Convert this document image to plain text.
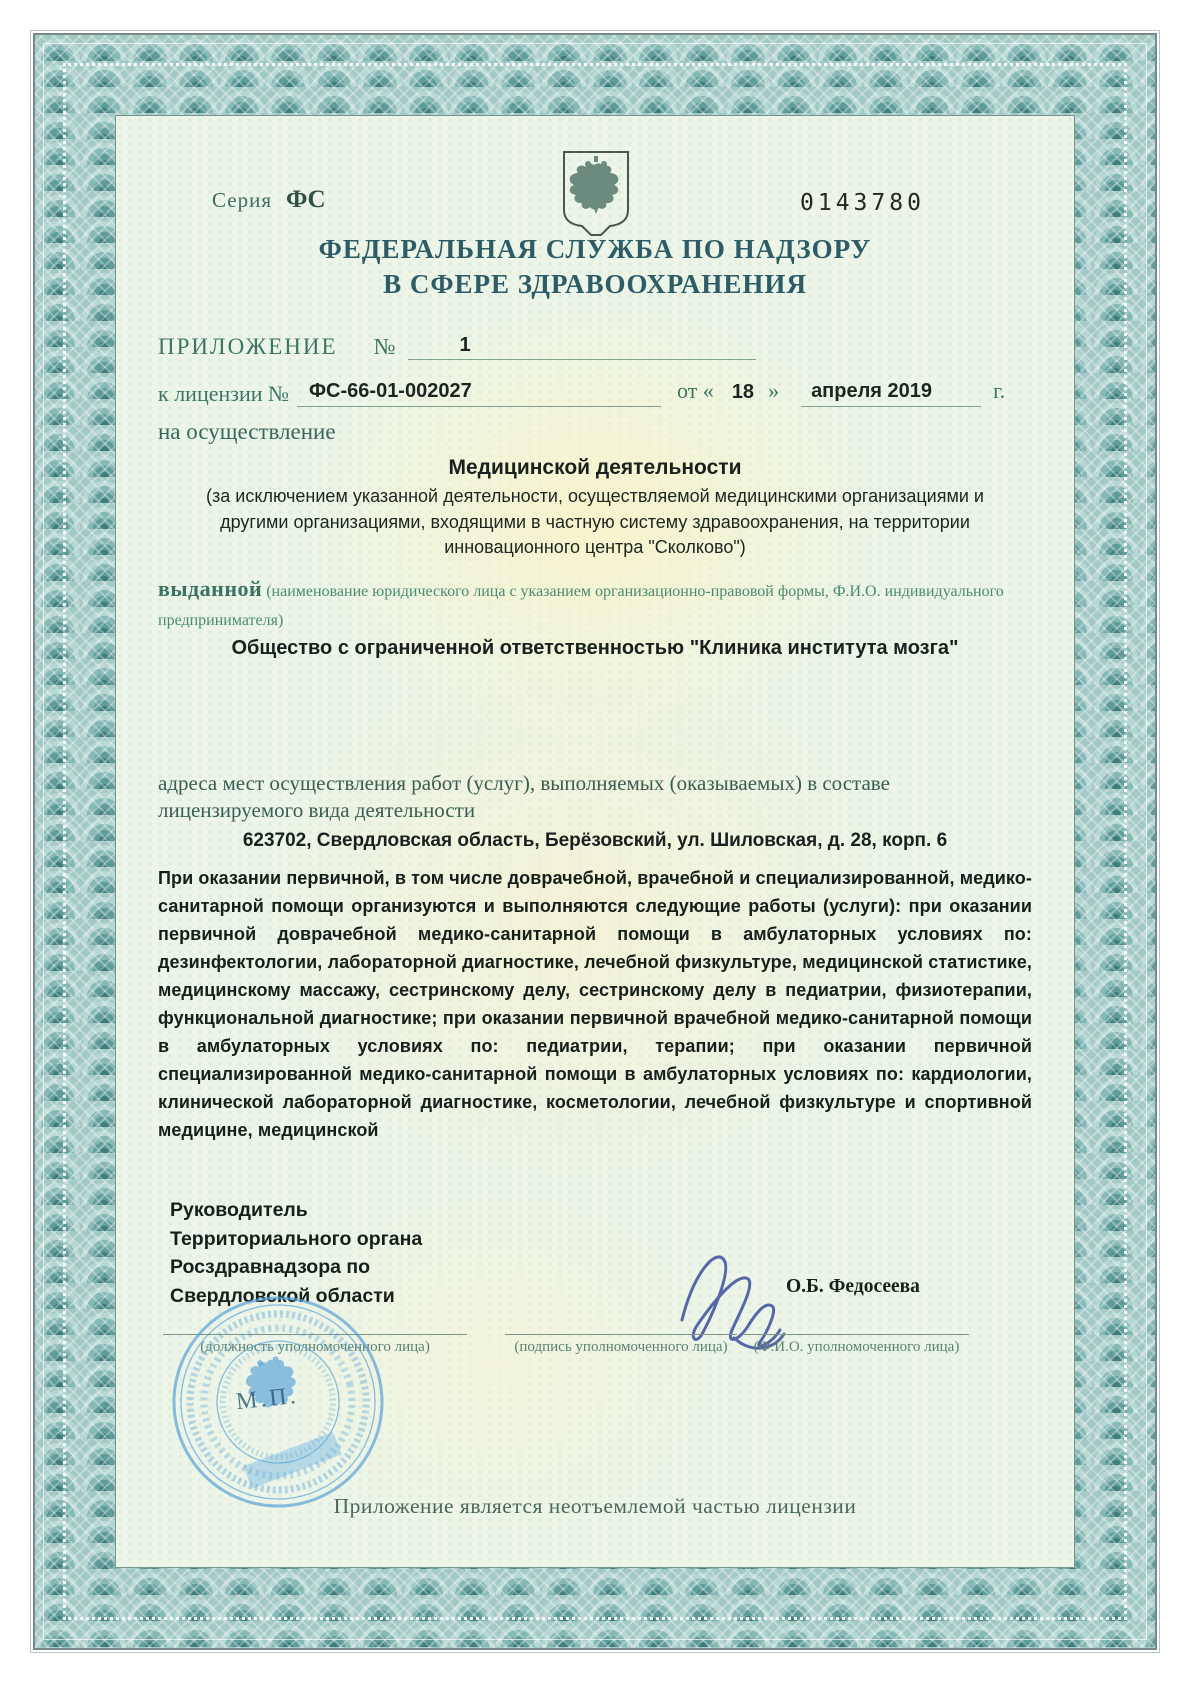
Серия ФС	0143780
ФЕДЕРАЛЬНАЯ СЛУЖБА ПО НАДЗОРУ
В СФЕРЕ ЗДРАВООХРАНЕНИЯ
ПРИЛОЖЕНИЕ №	1
к лицензии №	ФС-66-01-002027	от « 18 »	апреля 2019	г.
на осуществление
Медицинской деятельности
(за исключением указанной деятельности, осуществляемой медицинскими организациями и другими организациями, входящими в частную систему здравоохранения, на территории инновационного центра "Сколково")
выданной (наименование юридического лица с указанием организационно-правовой формы, Ф.И.О. индивидуального предпринимателя)
Общество с ограниченной ответственностью "Клиника института мозга"
адреса мест осуществления работ (услуг), выполняемых (оказываемых) в составе лицензируемого вида деятельности
623702, Свердловская область, Берёзовский, ул. Шиловская, д. 28, корп. 6
При оказании первичной, в том числе доврачебной, врачебной и специализированной, медико-санитарной помощи организуются и выполняются следующие работы (услуги): при оказании первичной доврачебной медико-санитарной помощи в амбулаторных условиях по: дезинфектологии, лабораторной диагностике, лечебной физкультуре, медицинской статистике, медицинскому массажу, сестринскому делу, сестринскому делу в педиатрии, физиотерапии, функциональной диагностике; при оказании первичной врачебной медико-санитарной помощи в амбулаторных условиях по: педиатрии, терапии; при оказании первичной специализированной медико-санитарной помощи в амбулаторных условиях по: кардиологии, клинической лабораторной диагностике, косметологии, лечебной физкультуре и спортивной медицине, медицинской
Руководитель
Территориального органа
Росздравнадзора по
Свердловской области	О.Б. Федосеева
(должность уполномоченного лица)	(подпись уполномоченного лица)	(Ф.И.О. уполномоченного лица)
М.П.
Приложение является неотъемлемой частью лицензии
